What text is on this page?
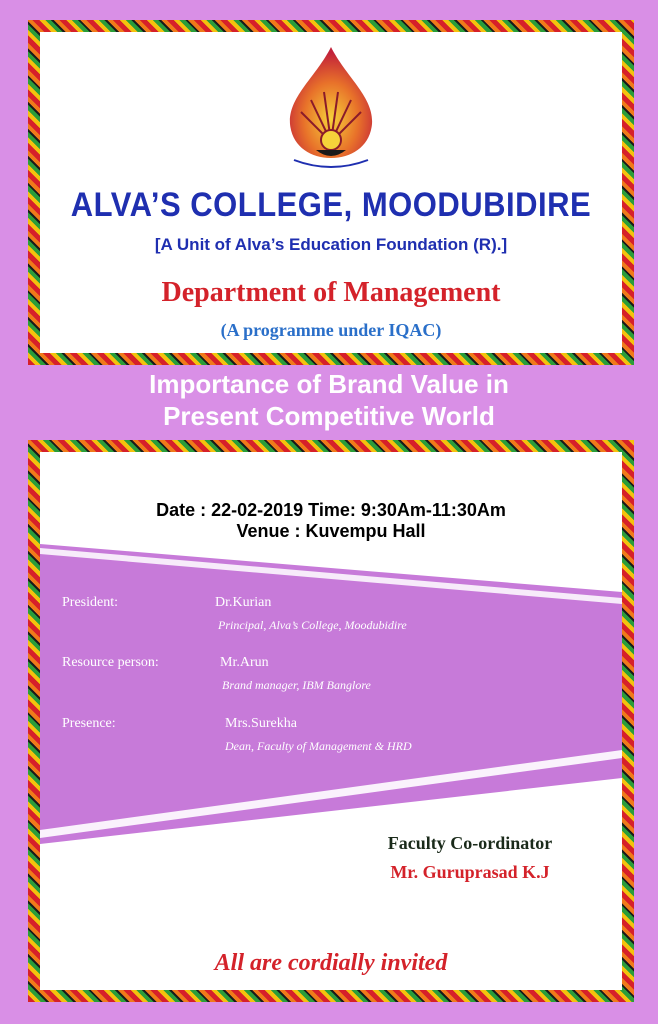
ALVA’S COLLEGE, MOODUBIDIRE
[A Unit of Alva’s Education Foundation (R).]
Department of Management
(A programme under IQAC)
Importance of Brand Value in
Present Competitive World
Date : 22-02-2019 Time: 9:30Am-11:30Am
Venue : Kuvempu Hall
President:	Dr.Kurian
Principal, Alva’s College, Moodubidire
Resource person:	Mr.Arun
Brand manager, IBM Banglore
Presence:	Mrs.Surekha
Dean, Faculty of Management & HRD
Faculty Co-ordinator
Mr. Guruprasad K.J
All are cordially invited
